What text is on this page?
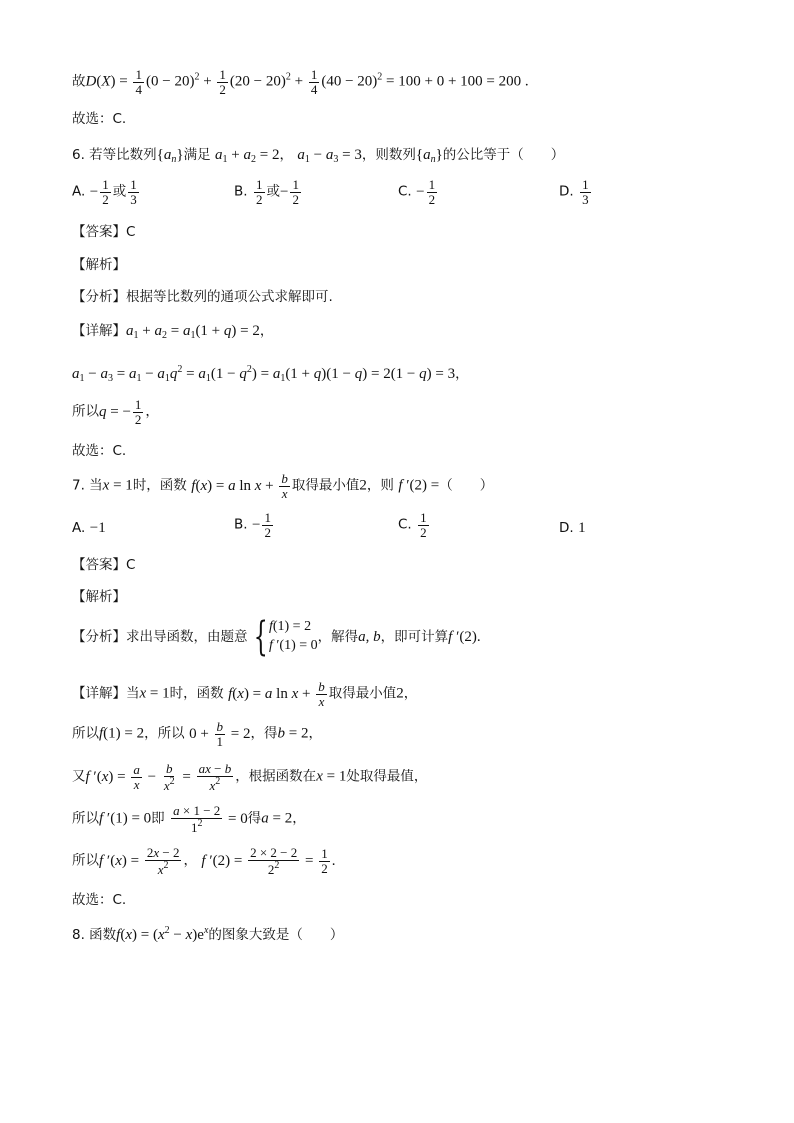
故$D(X) = \frac{1}{4} (0 - 20)^2 + \frac{1}{2} (20 - 20)^2 + \frac{1}{4} (40 - 20)^2 = 100 + 0 + 100 = 200$ .
故选：C.
6. 若等比数列$\{a_n\}$满足 $a_1 + a_2 = 2$， $a_1 - a_3 = 3$，则数列$\{a_n\}$的公比等于（　　）
A. − $\frac{1}{2}$ 或 $\frac{1}{3}$	B. $\frac{1}{2}$ 或− $\frac{1}{2}$	C. − $\frac{1}{2}$	D. $\frac{1}{3}$
【答案】C
【解析】
【分析】根据等比数列的通项公式求解即可.
【详解】$a_1 + a_2 = a_1(1 + q) = 2$，
$a_1 - a_3 = a_1 - a_1q^2 = a_1(1 - q^2) = a_1(1 + q)(1 - q) = 2(1 - q) = 3$，
所以q = − $\frac{1}{2}$ ，
故选：C.
7. 当x = 1时，函数 f(x) = a $\ln x + \frac{b}{x}$ 取得最小值2，则 f ′(2) =（　　）
A. −1	B. − $\frac{1}{2}$	C. $\frac{1}{2}$	D. 1
【答案】C
【解析】
【分析】求出导函数，由题意 { f(1) = 2
f ′(1) = 0
，解得a, b，即可计算f ′(2).
【详解】当x = 1时，函数 f(x) = a $\ln x + \frac{b}{x}$ 取得最小值2，
所以f(1) = 2，所以 $0 + \frac{b}{1} = 2$，得b = 2，
又f $'(x) = \frac{a}{x} - \frac{b}{x^2} = \frac{ax - b}{x^2}$ ，根据函数在x = 1处取得最值，
所以f ′(1) = 0即 $\frac{a \times 1 - 2}{1^2} = 0$得a = 2，
所以f $'(x) = \frac{2x - 2}{x^2}$ ， f $'(2) = \frac{2 \times 2 - 2}{2^2} = \frac{1}{2}$ .
故选：C.
8. 函数$f(x) = (x^2 - x)e^x$的图象大致是（　　）
